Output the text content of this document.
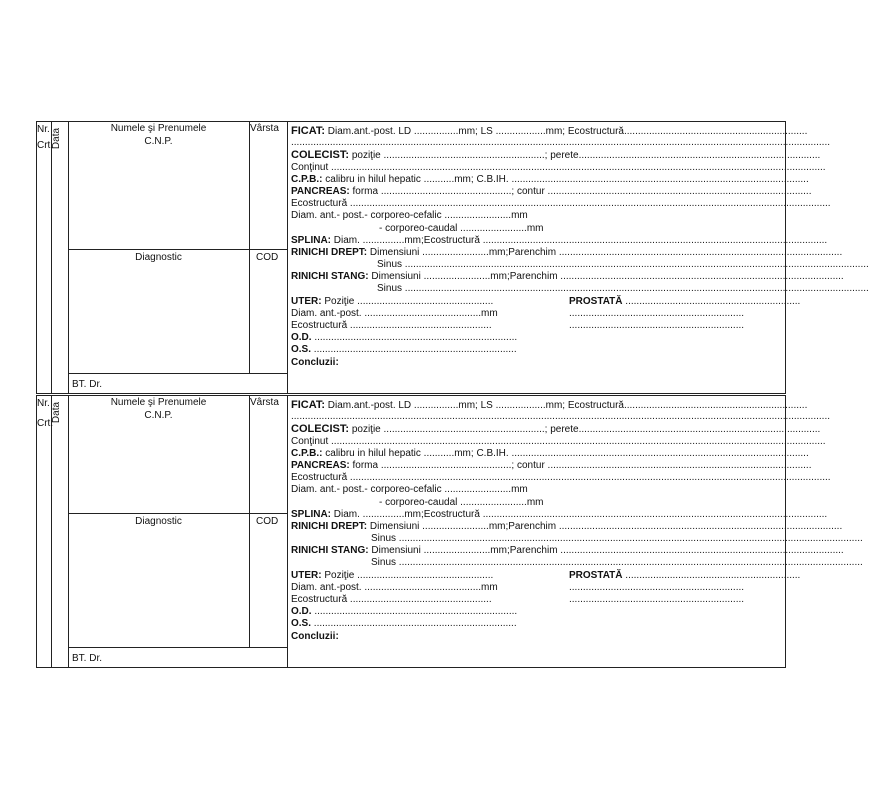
Nr.
Crt.
Data	Numele şi Prenumele
C.N.P.
Vârsta
Diagnostic	COD
BT. Dr.
FICAT: Diam.ant.-post. LD ................mm; LS ..................mm; Ecostructură..................................................................
..................................................................................................................................................................................................
COLECIST: poziţie ..........................................................; perete.......................................................................................
Conţinut ..................................................................................................................................................................................
C.P.B.: calibru in hilul hepatic ...........mm; C.B.IH. ...........................................................................................................
PANCREAS: forma ...............................................; contur ...............................................................................................
Ecostructură .............................................................................................................................................................................
Diam. ant.- post.- corporeo-cefalic ........................mm
- corporeo-caudal ........................mm
SPLINA: Diam. ...............mm;Ecostructură ............................................................................................................................
RINICHI DREPT: Dimensiuni ........................mm;Parenchim ......................................................................................................
Sinus .......................................................................................................................................................................
RINICHI STANG: Dimensiuni ........................mm;Parenchim ......................................................................................................
Sinus .......................................................................................................................................................................
UTER: Poziţie .................................................	PROSTATĂ ...............................................................
Diam. ant.-post. ..........................................mm	...............................................................
Ecostructură ...................................................	...............................................................
O.D. .........................................................................
O.S. .........................................................................
Concluzii:
Nr.
Crt.
Data	Numele şi Prenumele
C.N.P.
Vârsta
Diagnostic	COD
BT. Dr.
FICAT: Diam.ant.-post. LD ................mm; LS ..................mm; Ecostructură..................................................................
..................................................................................................................................................................................................
COLECIST: poziţie ..........................................................; perete.......................................................................................
Conţinut ..................................................................................................................................................................................
C.P.B.: calibru in hilul hepatic ...........mm; C.B.IH. ...........................................................................................................
PANCREAS: forma ...............................................; contur ...............................................................................................
Ecostructură .............................................................................................................................................................................
Diam. ant.- post.- corporeo-cefalic ........................mm
- corporeo-caudal ........................mm
SPLINA: Diam. ...............mm;Ecostructură ............................................................................................................................
RINICHI DREPT: Dimensiuni ........................mm;Parenchim ......................................................................................................
Sinus .......................................................................................................................................................................
RINICHI STANG: Dimensiuni ........................mm;Parenchim ......................................................................................................
Sinus .......................................................................................................................................................................
UTER: Poziţie .................................................	PROSTATĂ ...............................................................
Diam. ant.-post. ..........................................mm	...............................................................
Ecostructură ...................................................	...............................................................
O.D. .........................................................................
O.S. .........................................................................
Concluzii:
